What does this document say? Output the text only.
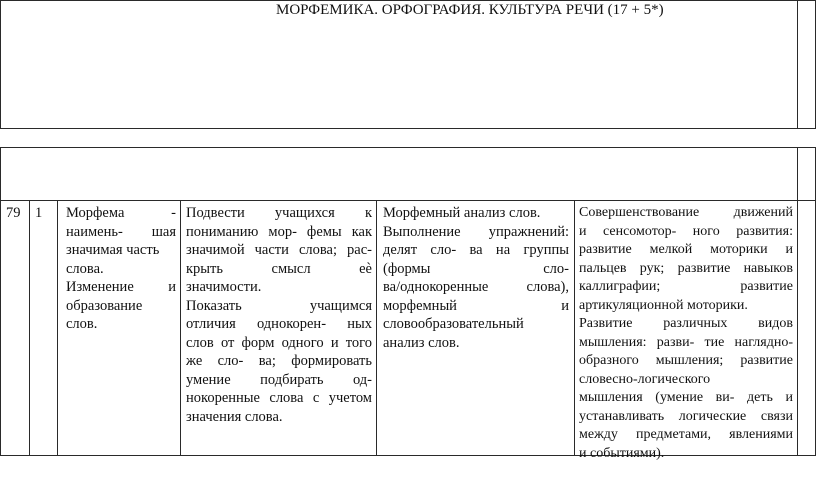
МОРФЕМИКА. ОРФОГРАФИЯ. КУЛЬТУРА РЕЧИ (17 + 5*)
79 1 Морфема -

наимень- шая

значимая часть

слова.

Изменение и

образование

слов.

Подвести учащихся к

пониманию мор- фемы как

значимой части слова; рас-

крыть смысл еѐ

значимости.

Показать учащимся

отличия однокорен- ных

слов от форм одного и того

же сло- ва; формировать

умение подбирать од-

нокоренные слова с учетом

значения слова.

Морфемный анализ слов.

Выполнение упражнений:

делят сло- ва на группы

(формы сло-

ва/однокоренные слова),

морфемный и

словообразовательный

анализ слов.

Совершенствование движений

и сенсомотор- ного развития:

развитие мелкой моторики и

пальцев рук; развитие навыков

каллиграфии; развитие

артикуляционной моторики.

Развитие различных видов

мышления: разви- тие наглядно-

образного мышления; развитие

словесно-логического

мышления (умение ви- деть и

устанавливать логические связи

между предметами, явлениями

и событиями).
